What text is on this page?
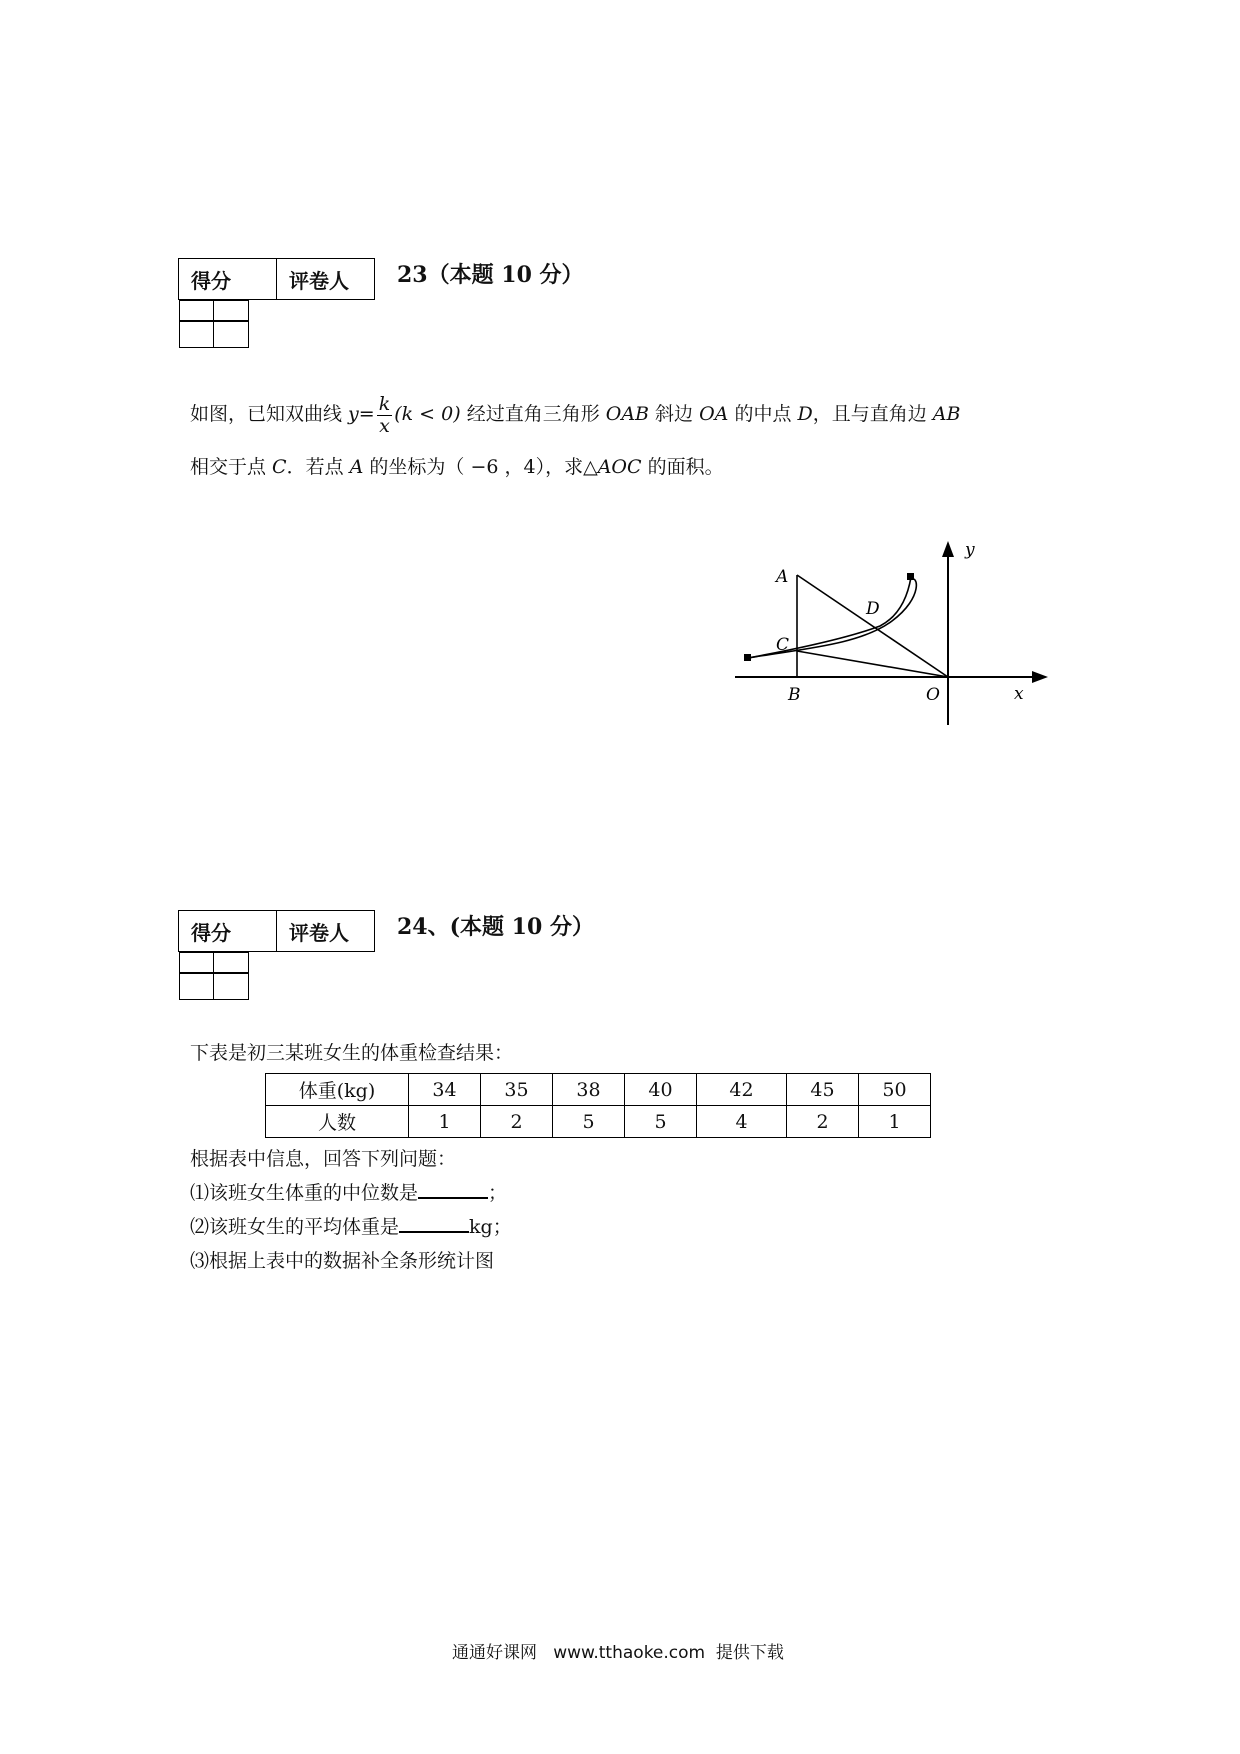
得分	评卷人
	23（本题 10 分）
如图，已知双曲线 $y= \frac{k}{x} (k < 0)$ 经过直角三角形 OAB 斜边 OA 的中点 D，且与直角边 AB
相交于点 C．若点 A 的坐标为（ −6 ，4），求△AOC 的面积。
A
B
C
D
O	x
y
得分	评卷人
	24、(本题 10 分）
下表是初三某班女生的体重检查结果：
体重(kg)	34	35	38	40	42	45	50
人数	1	2	5	5	4	2	1
根据表中信息，回答下列问题：
⑴该班女生体重的中位数是	；
⑵该班女生的平均体重是	kg；
⑶根据上表中的数据补全条形统计图
通通好课网   www.tthaoke.com  提供下载
